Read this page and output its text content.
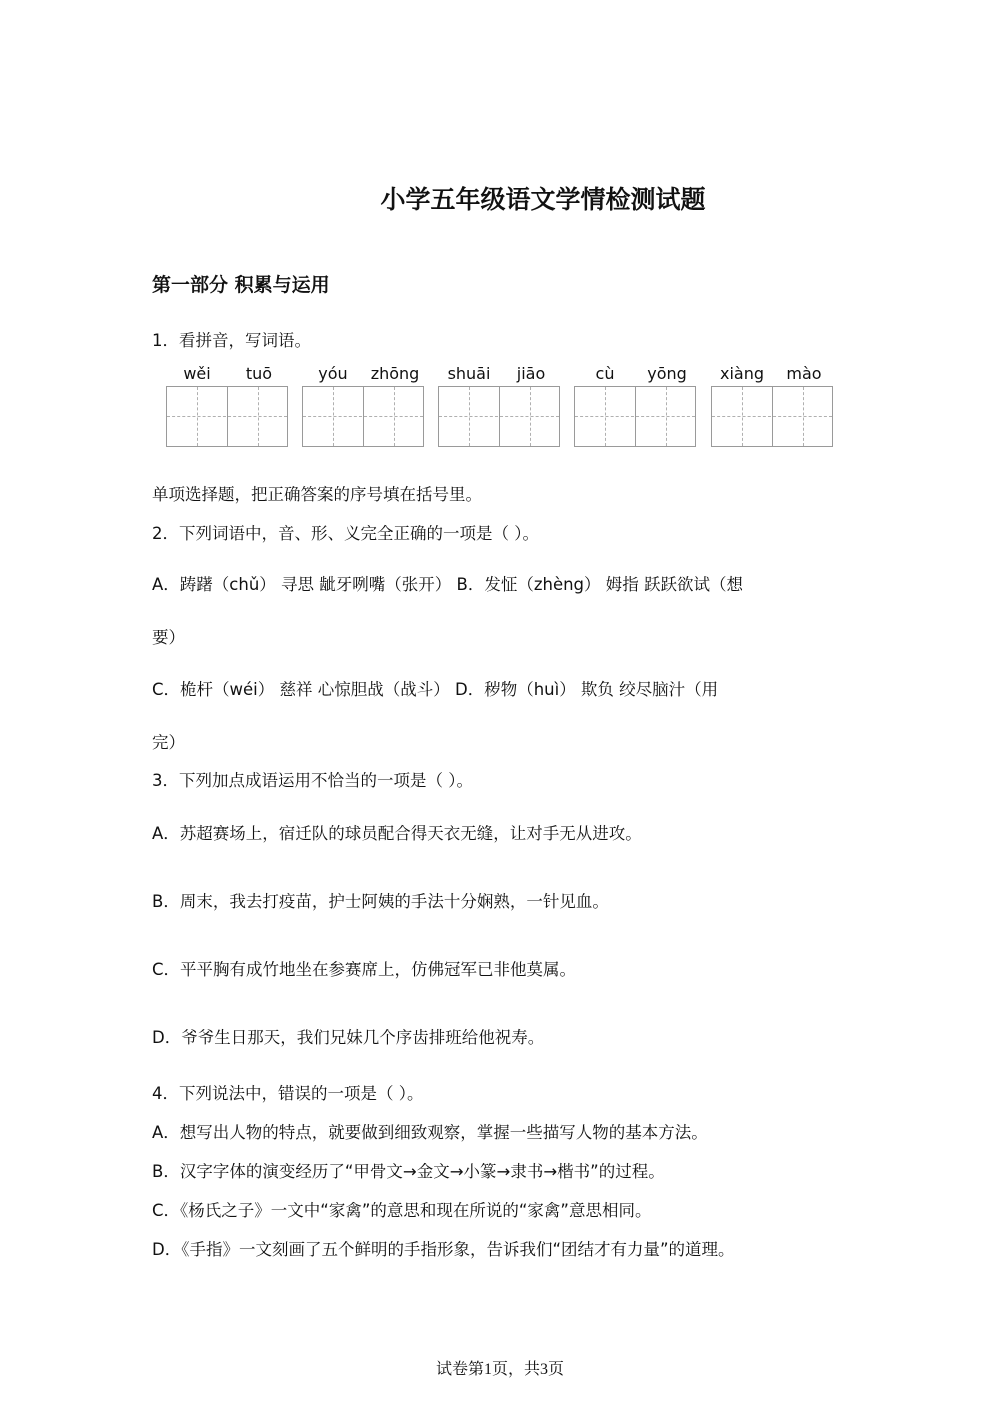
小学五年级语文学情检测试题
第一部分 积累与运用
1．看拼音，写词语。
wěi	tuō	yóu	zhōng	shuāi	jiāo	cù	yōng	xiàng	mào
单项选择题，把正确答案的序号填在括号里。
2．下列词语中，音、形、义完全正确的一项是（ ）。
A．踌躇（chǔ） 寻思 龇牙咧嘴（张开） B．发怔（zhèng） 姆指 跃跃欲试（想
要）
C．桅杆（wéi） 慈祥 心惊胆战（战斗） D．秽物（huì） 欺负 绞尽脑汁（用
完）
3．下列加点成语运用不恰当的一项是（ ）。
A．苏超赛场上，宿迁队的球员配合得天衣无缝，让对手无从进攻。
B．周末，我去打疫苗，护士阿姨的手法十分娴熟，一针见血。
C．平平胸有成竹地坐在参赛席上，仿佛冠军已非他莫属。
D．爷爷生日那天，我们兄妹几个序齿排班给他祝寿。
4．下列说法中，错误的一项是（ ）。
A．想写出人物的特点，就要做到细致观察，掌握一些描写人物的基本方法。
B．汉字字体的演变经历了“甲骨文→金文→小篆→隶书→楷书”的过程。
C．《杨氏之子》一文中“家禽”的意思和现在所说的“家禽”意思相同。
D．《手指》一文刻画了五个鲜明的手指形象，告诉我们“团结才有力量”的道理。
试卷第1页，共3页
